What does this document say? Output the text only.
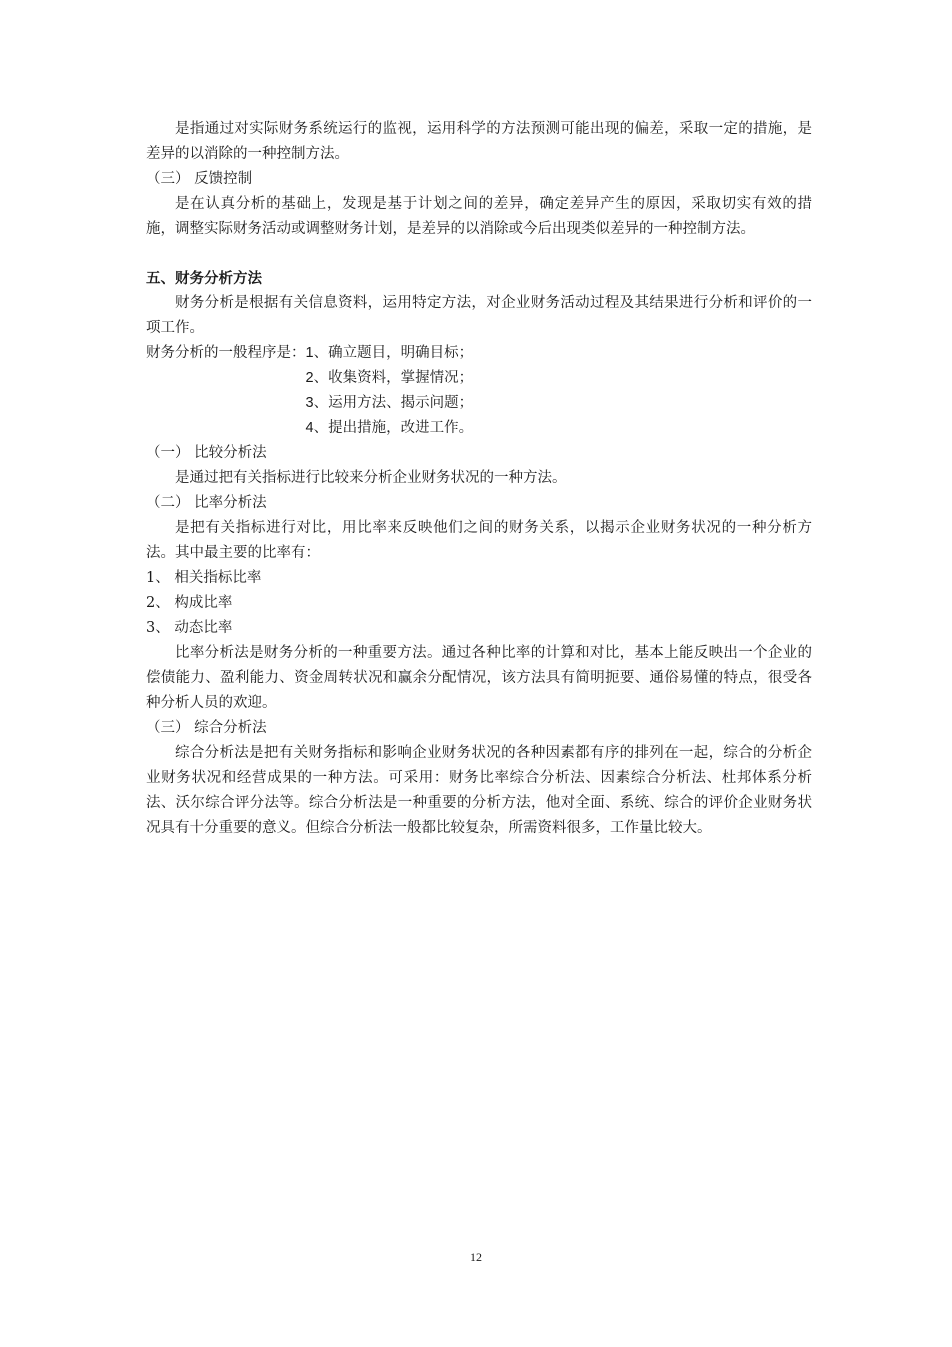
是指通过对实际财务系统运行的监视，运用科学的方法预测可能出现的偏差，采取一定的措施，是差异的以消除的一种控制方法。

（三） 反馈控制

是在认真分析的基础上，发现是基于计划之间的差异，确定差异产生的原因，采取切实有效的措施，调整实际财务活动或调整财务计划，是差异的以消除或今后出现类似差异的一种控制方法。

五、财务分析方法

财务分析是根据有关信息资料，运用特定方法，对企业财务活动过程及其结果进行分析和评价的一项工作。

财务分析的一般程序是： 1、确立题目，明确目标；
2、收集资料，掌握情况；
3、运用方法、揭示问题；
4、提出措施，改进工作。

（一） 比较分析法

是通过把有关指标进行比较来分析企业财务状况的一种方法。

（二） 比率分析法

是把有关指标进行对比，用比率来反映他们之间的财务关系，以揭示企业财务状况的一种分析方法。其中最主要的比率有：

1、 相关指标比率

2、 构成比率

3、 动态比率

比率分析法是财务分析的一种重要方法。通过各种比率的计算和对比，基本上能反映出一个企业的偿债能力、盈利能力、资金周转状况和赢余分配情况，该方法具有简明扼要、通俗易懂的特点，很受各种分析人员的欢迎。

（三） 综合分析法

综合分析法是把有关财务指标和影响企业财务状况的各种因素都有序的排列在一起，综合的分析企业财务状况和经营成果的一种方法。可采用：财务比率综合分析法、因素综合分析法、杜邦体系分析法、沃尔综合评分法等。综合分析法是一种重要的分析方法，他对全面、系统、综合的评价企业财务状况具有十分重要的意义。但综合分析法一般都比较复杂，所需资料很多，工作量比较大。

12
